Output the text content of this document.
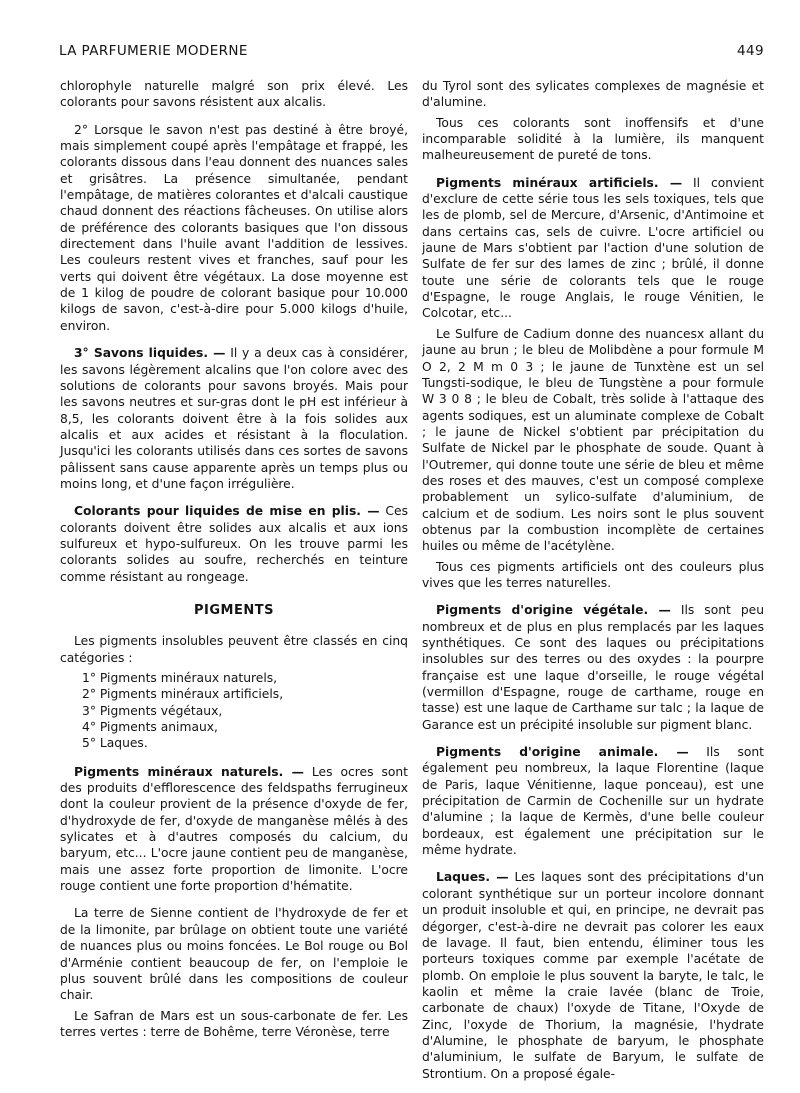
LA PARFUMERIE MODERNE	449

chlorophyle naturelle malgré son prix élevé. Les colorants pour savons résistent aux alcalis.

2° Lorsque le savon n'est pas destiné à être broyé, mais simplement coupé après l'empâtage et frappé, les colorants dissous dans l'eau donnent des nuances sales et grisâtres. La présence simultanée, pendant l'empâtage, de matières colorantes et d'alcali caustique chaud donnent des réactions fâcheuses. On utilise alors de préférence des colorants basiques que l'on dissous directement dans l'huile avant l'addition de lessives. Les couleurs restent vives et franches, sauf pour les verts qui doivent être végétaux. La dose moyenne est de 1 kilog de poudre de colorant basique pour 10.000 kilogs de savon, c'est-à-dire pour 5.000 kilogs d'huile, environ.

3° Savons liquides. — Il y a deux cas à considérer, les savons légèrement alcalins que l'on colore avec des solutions de colorants pour savons broyés. Mais pour les savons neutres et sur-gras dont le pH est inférieur à 8,5, les colorants doivent être à la fois solides aux alcalis et aux acides et résistant à la floculation. Jusqu'ici les colorants utilisés dans ces sortes de savons pâlissent sans cause apparente après un temps plus ou moins long, et d'une façon irrégulière.

Colorants pour liquides de mise en plis. — Ces colorants doivent être solides aux alcalis et aux ions sulfureux et hypo-sulfureux. On les trouve parmi les colorants solides au soufre, recherchés en teinture comme résistant au rongeage.

PIGMENTS

Les pigments insolubles peuvent être classés en cinq catégories :

1° Pigments minéraux naturels,
2° Pigments minéraux artificiels,
3° Pigments végétaux,
4° Pigments animaux,
5° Laques.

Pigments minéraux naturels. — Les ocres sont des produits d'efflorescence des feldspaths ferrugineux dont la couleur provient de la présence d'oxyde de fer, d'hydroxyde de fer, d'oxyde de manganèse mêlés à des sylicates et à d'autres composés du calcium, du baryum, etc... L'ocre jaune contient peu de manganèse, mais une assez forte proportion de limonite. L'ocre rouge contient une forte proportion d'hématite.

La terre de Sienne contient de l'hydroxyde de fer et de la limonite, par brûlage on obtient toute une variété de nuances plus ou moins foncées. Le Bol rouge ou Bol d'Arménie contient beaucoup de fer, on l'emploie le plus souvent brûlé dans les compositions de couleur chair.

Le Safran de Mars est un sous-carbonate de fer. Les terres vertes : terre de Bohême, terre Véronèse, terre

du Tyrol sont des sylicates complexes de magnésie et d'alumine.

Tous ces colorants sont inoffensifs et d'une incomparable solidité à la lumière, ils manquent malheureusement de pureté de tons.

Pigments minéraux artificiels. — Il convient d'exclure de cette série tous les sels toxiques, tels que les de plomb, sel de Mercure, d'Arsenic, d'Antimoine et dans certains cas, sels de cuivre. L'ocre artificiel ou jaune de Mars s'obtient par l'action d'une solution de Sulfate de fer sur des lames de zinc ; brûlé, il donne toute une série de colorants tels que le rouge d'Espagne, le rouge Anglais, le rouge Vénitien, le Colcotar, etc...

Le Sulfure de Cadium donne des nuancesx allant du jaune au brun ; le bleu de Molibdène a pour formule M O 2, 2 M m 0 3 ; le jaune de Tunxtène est un sel Tungsti-sodique, le bleu de Tungstène a pour formule W 3 0 8 ; le bleu de Cobalt, très solide à l'attaque des agents sodiques, est un aluminate complexe de Cobalt ; le jaune de Nickel s'obtient par précipitation du Sulfate de Nickel par le phosphate de soude. Quant à l'Outremer, qui donne toute une série de bleu et même des roses et des mauves, c'est un composé complexe probablement un sylico-sulfate d'aluminium, de calcium et de sodium. Les noirs sont le plus souvent obtenus par la combustion incomplète de certaines huiles ou même de l'acétylène.

Tous ces pigments artificiels ont des couleurs plus vives que les terres naturelles.

Pigments d'origine végétale. — Ils sont peu nombreux et de plus en plus remplacés par les laques synthétiques. Ce sont des laques ou précipitations insolubles sur des terres ou des oxydes : la pourpre française est une laque d'orseille, le rouge végétal (vermillon d'Espagne, rouge de carthame, rouge en tasse) est une laque de Carthame sur talc ; la laque de Garance est un précipité insoluble sur pigment blanc.

Pigments d'origine animale. — Ils sont également peu nombreux, la laque Florentine (laque de Paris, laque Vénitienne, laque ponceau), est une précipitation de Carmin de Cochenille sur un hydrate d'alumine ; la laque de Kermès, d'une belle couleur bordeaux, est également une précipitation sur le même hydrate.

Laques. — Les laques sont des précipitations d'un colorant synthétique sur un porteur incolore donnant un produit insoluble et qui, en principe, ne devrait pas dégorger, c'est-à-dire ne devrait pas colorer les eaux de lavage. Il faut, bien entendu, éliminer tous les porteurs toxiques comme par exemple l'acétate de plomb. On emploie le plus souvent la baryte, le talc, le kaolin et même la craie lavée (blanc de Troie, carbonate de chaux) l'oxyde de Titane, l'Oxyde de Zinc, l'oxyde de Thorium, la magnésie, l'hydrate d'Alumine, le phosphate de baryum, le phosphate d'aluminium, le sulfate de Baryum, le sulfate de Strontium. On a proposé égale-
